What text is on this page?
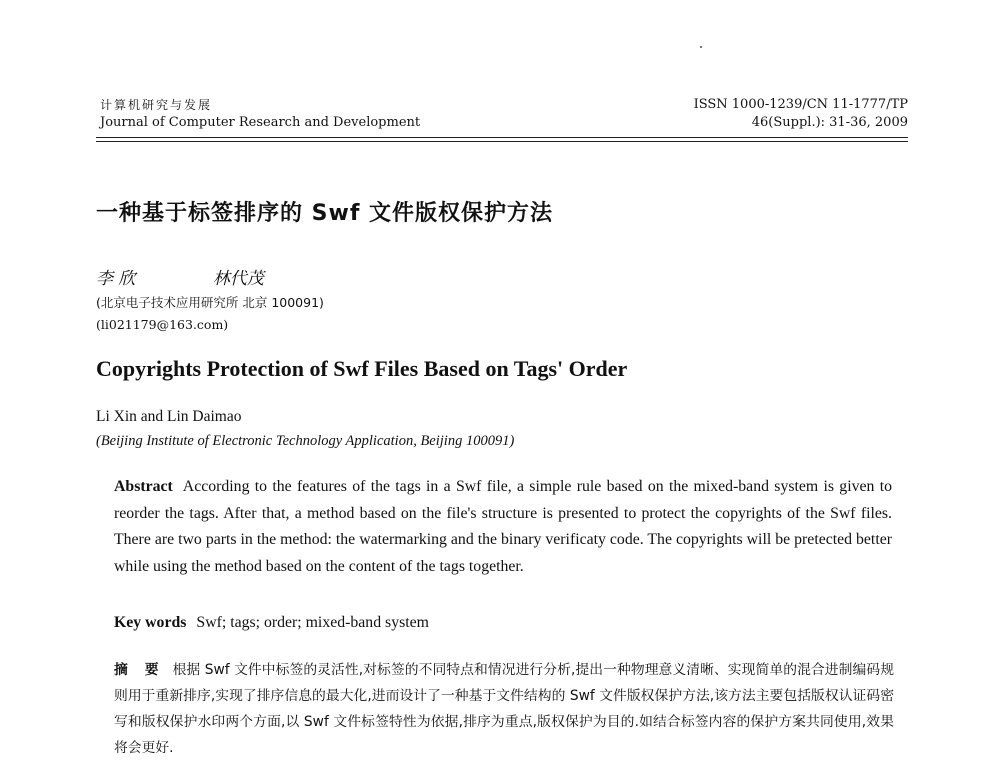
计算机研究与发展
Journal of Computer Research and Development
ISSN 1000-1239/CN 11-1777/TP
46(Suppl.): 31-36, 2009
一种基于标签排序的 Swf 文件版权保护方法
李 欣	林代茂
(北京电子技术应用研究所 北京 100091)
(li021179@163.com)
Copyrights Protection of Swf Files Based on Tags' Order
Li Xin and Lin Daimao
(Beijing Institute of Electronic Technology Application, Beijing 100091)
Abstract According to the features of the tags in a Swf file, a simple rule based on the mixed-band system is given to reorder the tags. After that, a method based on the file's structure is presented to protect the copyrights of the Swf files. There are two parts in the method: the watermarking and the binary verificaty code. The copyrights will be pretected better while using the method based on the content of the tags together.
Key words Swf; tags; order; mixed-band system
摘 要 根据 Swf 文件中标签的灵活性,对标签的不同特点和情况进行分析,提出一种物理意义清晰、实现简单的混合进制编码规则用于重新排序,实现了排序信息的最大化,进而设计了一种基于文件结构的 Swf 文件版权保护方法,该方法主要包括版权认证码密写和版权保护水印两个方面,以 Swf 文件标签特性为依据,排序为重点,版权保护为目的.如结合标签内容的保护方案共同使用,效果将会更好.
